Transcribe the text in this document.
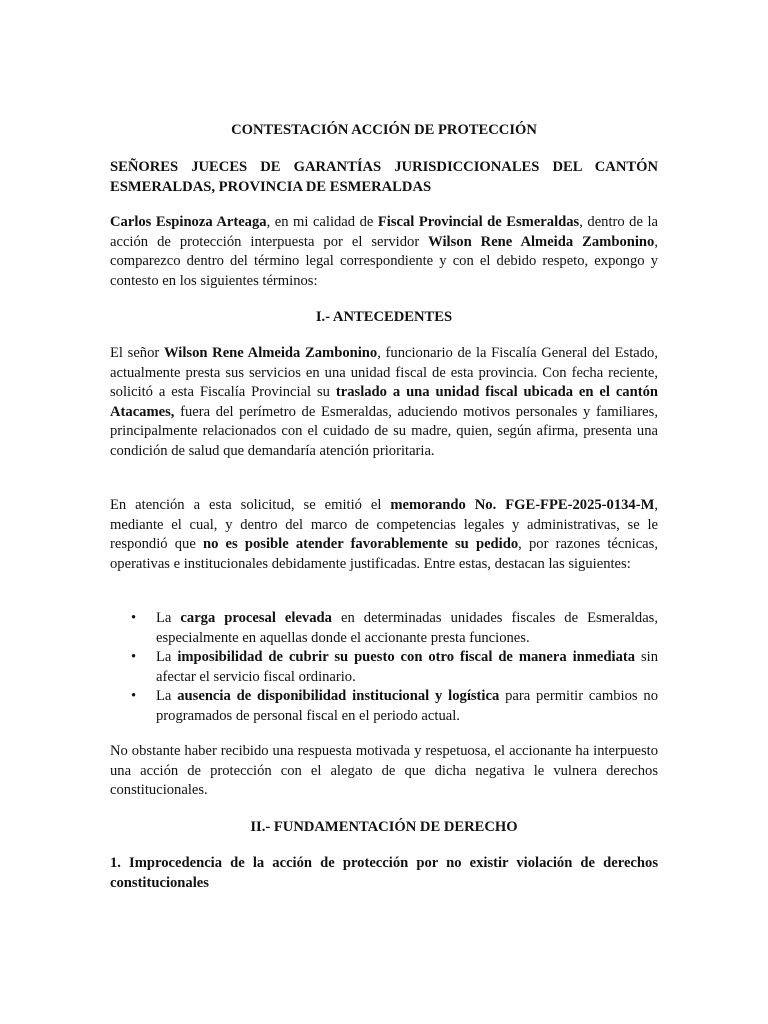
CONTESTACIÓN ACCIÓN DE PROTECCIÓN
SEÑORES JUECES DE GARANTÍAS JURISDICCIONALES DEL CANTÓN ESMERALDAS, PROVINCIA DE ESMERALDAS
Carlos Espinoza Arteaga, en mi calidad de Fiscal Provincial de Esmeraldas, dentro de la acción de protección interpuesta por el servidor Wilson Rene Almeida Zambonino, comparezco dentro del término legal correspondiente y con el debido respeto, expongo y contesto en los siguientes términos:
I.- ANTECEDENTES
El señor Wilson Rene Almeida Zambonino, funcionario de la Fiscalía General del Estado, actualmente presta sus servicios en una unidad fiscal de esta provincia. Con fecha reciente, solicitó a esta Fiscalía Provincial su traslado a una unidad fiscal ubicada en el cantón Atacames, fuera del perímetro de Esmeraldas, aduciendo motivos personales y familiares, principalmente relacionados con el cuidado de su madre, quien, según afirma, presenta una condición de salud que demandaría atención prioritaria.
En atención a esta solicitud, se emitió el memorando No. FGE-FPE-2025-0134-M, mediante el cual, y dentro del marco de competencias legales y administrativas, se le respondió que no es posible atender favorablemente su pedido, por razones técnicas, operativas e institucionales debidamente justificadas. Entre estas, destacan las siguientes:
• La carga procesal elevada en determinadas unidades fiscales de Esmeraldas, especialmente en aquellas donde el accionante presta funciones.
• La imposibilidad de cubrir su puesto con otro fiscal de manera inmediata sin afectar el servicio fiscal ordinario.
• La ausencia de disponibilidad institucional y logística para permitir cambios no programados de personal fiscal en el periodo actual.
No obstante haber recibido una respuesta motivada y respetuosa, el accionante ha interpuesto una acción de protección con el alegato de que dicha negativa le vulnera derechos constitucionales.
II.- FUNDAMENTACIÓN DE DERECHO
1. Improcedencia de la acción de protección por no existir violación de derechos constitucionales
